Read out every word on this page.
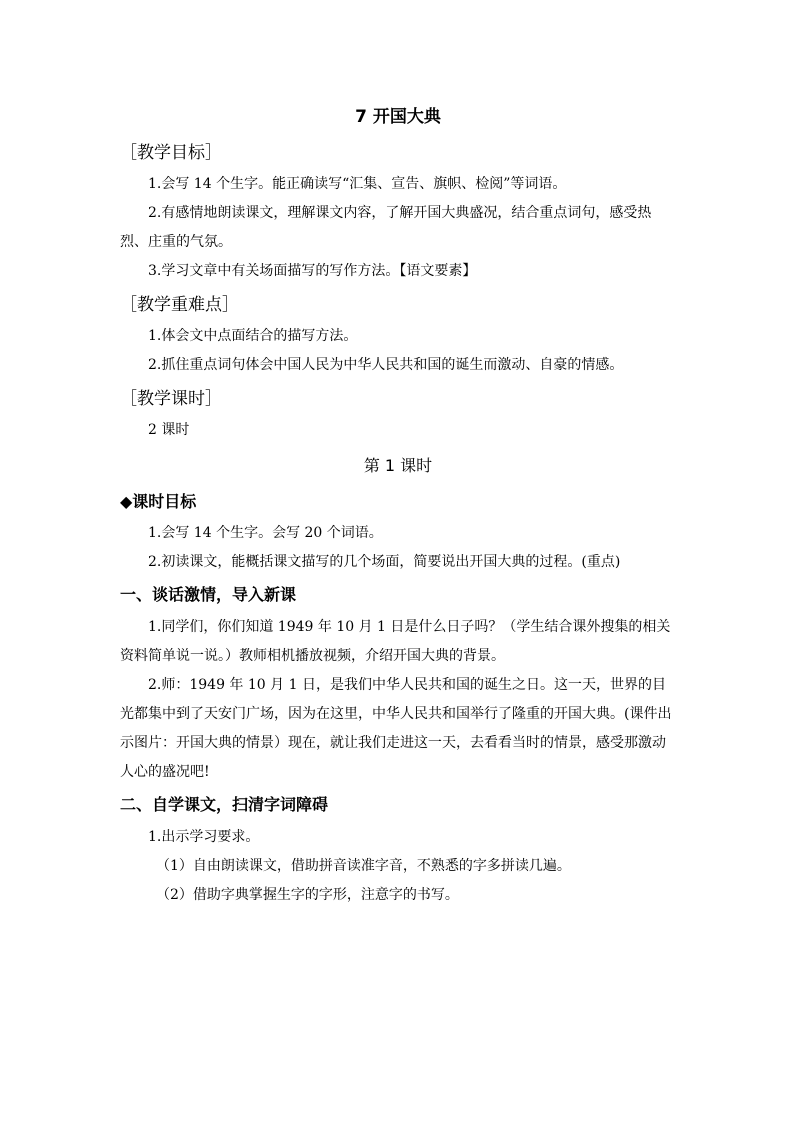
7 开国大典
［教学目标］

1.会写 14 个生字。能正确读写“汇集、宣告、旗帜、检阅”等词语。

2.有感情地朗读课文，理解课文内容，了解开国大典盛况，结合重点词句，感受热烈、庄重的气氛。

3.学习文章中有关场面描写的写作方法。【语文要素】

［教学重难点］

1.体会文中点面结合的描写方法。

2.抓住重点词句体会中国人民为中华人民共和国的诞生而激动、自豪的情感。

［教学课时］

2 课时

第 1 课时
◆课时目标

1.会写 14 个生字。会写 20 个词语。

2.初读课文，能概括课文描写的几个场面，简要说出开国大典的过程。(重点)

一、谈话激情，导入新课

1.同学们，你们知道 1949 年 10 月 1 日是什么日子吗？（学生结合课外搜集的相关资料简单说一说。）教师相机播放视频，介绍开国大典的背景。

2.师：1949 年 10 月 1 日，是我们中华人民共和国的诞生之日。这一天，世界的目光都集中到了天安门广场，因为在这里，中华人民共和国举行了隆重的开国大典。(课件出示图片：开国大典的情景）现在，就让我们走进这一天，去看看当时的情景，感受那激动人心的盛况吧!

二、自学课文，扫清字词障碍

1.出示学习要求。

（1）自由朗读课文，借助拼音读准字音，不熟悉的字多拼读几遍。

（2）借助字典掌握生字的字形，注意字的书写。
